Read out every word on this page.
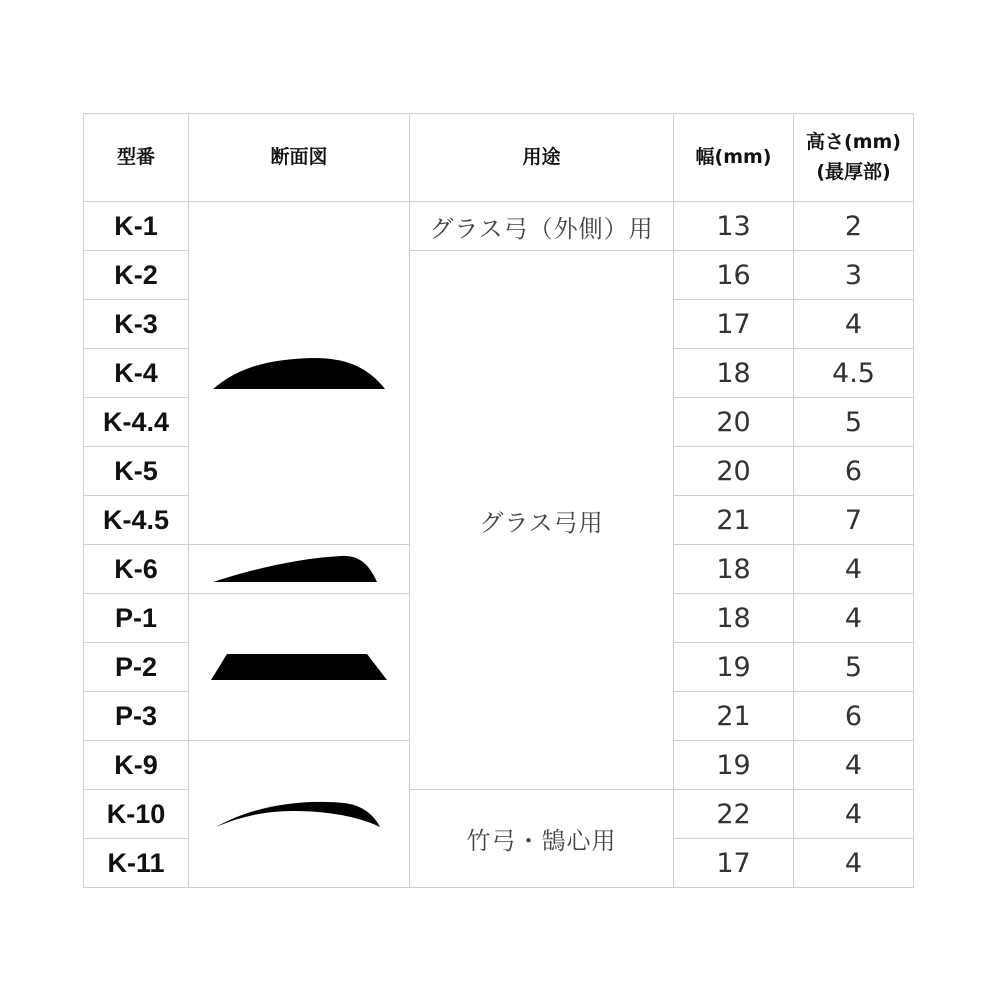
型番	断面図	用途	幅(mm)	高さ(mm)
(最厚部)
K-1		グラス弓（外側）用	13	2
K-2		グラス弓用	16	3
K-3			17	4
K-4			18	4.5
K-4.4			20	5
K-5			20	6
K-4.5			21	7
K-6			18	4
P-1			18	4
P-2			19	5
P-3			21	6
K-9			19	4
K-10		竹弓・鵠心用	22	4
K-11			17	4
